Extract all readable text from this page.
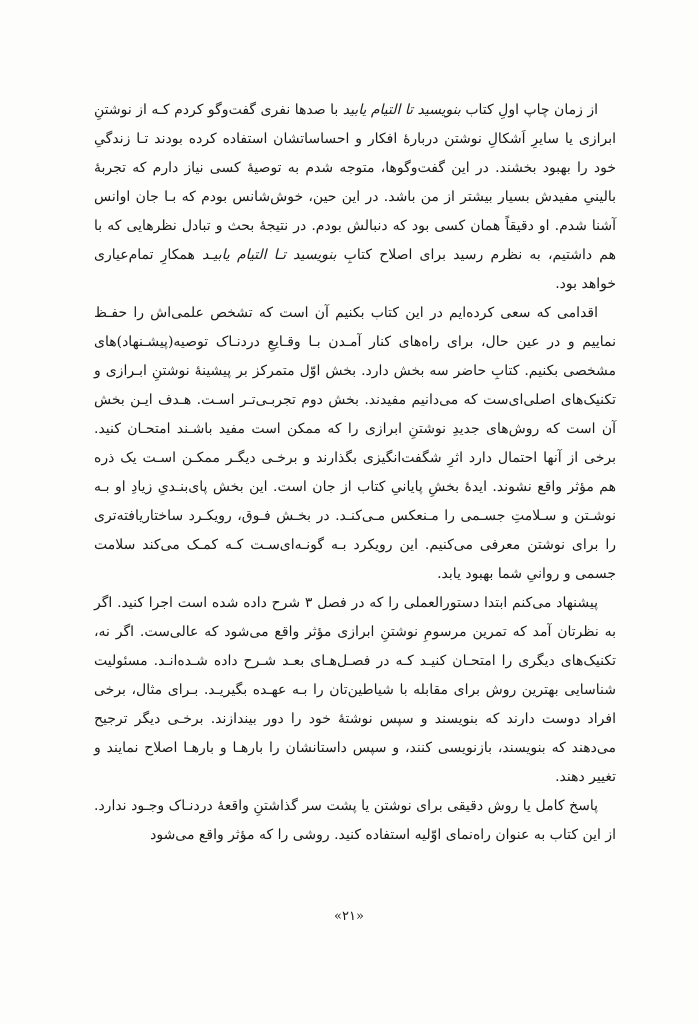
از زمان چاپ اولِ کتاب بنویسید تا التیام یابید با صدها نفری گفت‌وگو کردم کـه از نوشتنِ ابرازی یا سایرِ اَشکالِ نوشتن دربارهٔ افکار و احساساتشان استفاده کرده بودند تـا زندگیِ خود را بهبود بخشند. در این گفت‌وگوها، متوجه شدم به توصیهٔ کسی نیاز دارم که تجربهٔ بالینیِ مفیدش بسیار بیشتر از من باشد. در این حین، خوش‌شانس بودم که بـا جان اوانس آشنا شدم. او دقیقاً همان کسی بود که دنبالش بودم. در نتیجهٔ بحث و تبادل نظرهایی که با هم داشتیم، به نظرم رسید برای اصلاح کتابِ بنویسید تـا التیام یابیـد همکارِ تمام‌عیاری خواهد بود.

اقدامی که سعی کرده‌ایم در این کتاب بکنیم آن است که تشخص علمی‌اش را حفـظ نماییم و در عین حال، برای راه‌های کنار آمـدن بـا وقـایعِ دردنـاک توصیه(پیشـنهاد)های مشخصی بکنیم. کتابِ حاضر سه بخش دارد. بخش اوّل متمرکز بر پیشینهٔ نوشتنِ ابـرازی و تکنیک‌های اصلی‌ای‌ست که می‌دانیم مفیدند. بخش دوم تجربـی‌تـر اسـت. هـدف ایـن بخش آن است که روش‌های جدیدِ نوشتنِ ابرازی را که ممکن است مفید باشـند امتحـان کنید. برخی از آنها احتمال دارد اثرِ شگفت‌انگیزی بگذارند و برخـی دیگـر ممکـن اسـت یک ذره هم مؤثر واقع نشوند. ایدهٔ بخشِ پایانیِ کتاب از جان است. این بخش پای‌بنـدیِ زیادِ او بـه نوشـتن و سـلامتِ جسـمی را مـنعکس مـی‌کنـد. در بخـش فـوق، رویکـرد ساختاریافته‌تری را برای نوشتن معرفی می‌کنیم. این رویکرد بـه گونـه‌ای‌سـت کـه کمـک می‌کند سلامت جسمی و روانیِ شما بهبود یابد.

پیشنهاد می‌کنم ابتدا دستورالعملی را که در فصل ۳ شرح داده شده است اجرا کنید. اگر به نظرتان آمد که تمرین مرسومِ نوشتنِ ابرازی مؤثر واقع می‌شود که عالی‌ست. اگر نه، تکنیک‌های دیگری را امتحـان کنیـد کـه در فصـل‌هـای بعـد شـرح داده شـده‌انـد. مسئولیت شناسایی بهترین روش برای مقابله با شیاطین‌تان را بـه عهـده بگیریـد. بـرای مثال، برخی افراد دوست دارند که بنویسند و سپس نوشتهٔ خود را دور بیندازند. برخـی دیگر ترجیح می‌دهند که بنویسند، بازنویسی کنند، و سپس داستانشان را بارهـا و بارهـا اصلاح نمایند و تغییر دهند.

پاسخ کامل یا روش دقیقی برای نوشتن یا پشت سر گذاشتنِ واقعهٔ دردنـاک وجـود ندارد. از این کتاب به عنوان راه‌نمای اوّلیه استفاده کنید. روشی را که مؤثر واقع می‌شود

«۲۱»
